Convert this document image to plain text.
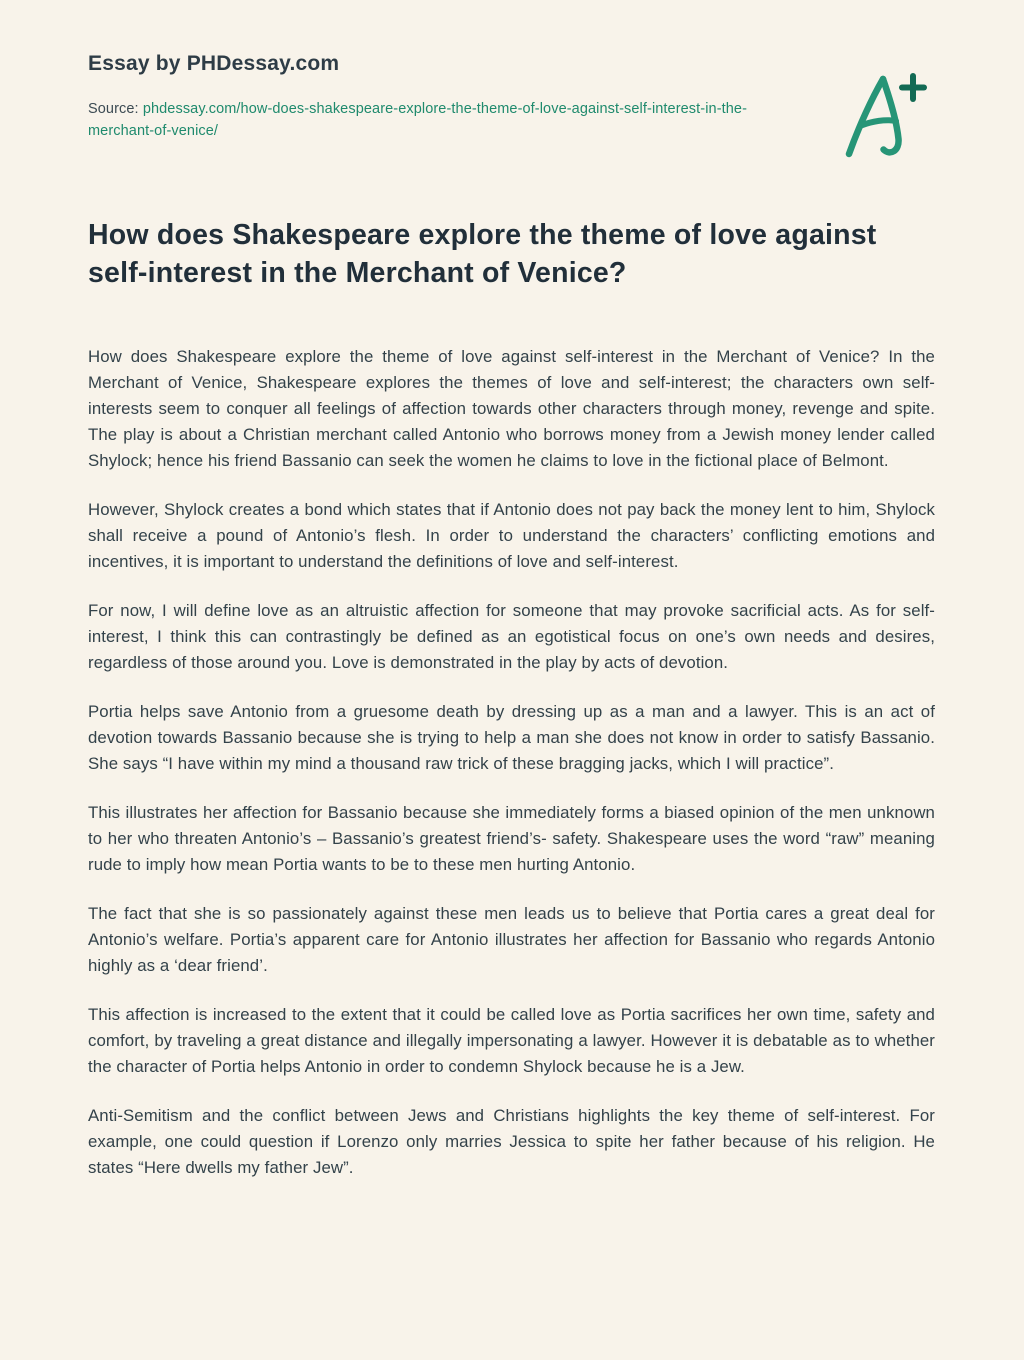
Essay by PHDessay.com
Source: phdessay.com/how-does-shakespeare-explore-the-theme-of-love-against-self-interest-in-the-merchant-of-venice/
How does Shakespeare explore the theme of love against self-interest in the Merchant of Venice?

How does Shakespeare explore the theme of love against self-interest in the Merchant of Venice? In the Merchant of Venice, Shakespeare explores the themes of love and self-interest; the characters own self-interests seem to conquer all feelings of affection towards other characters through money, revenge and spite. The play is about a Christian merchant called Antonio who borrows money from a Jewish money lender called Shylock; hence his friend Bassanio can seek the women he claims to love in the fictional place of Belmont.

However, Shylock creates a bond which states that if Antonio does not pay back the money lent to him, Shylock shall receive a pound of Antonio’s flesh. In order to understand the characters’ conflicting emotions and incentives, it is important to understand the definitions of love and self-interest.

For now, I will define love as an altruistic affection for someone that may provoke sacrificial acts. As for self-interest, I think this can contrastingly be defined as an egotistical focus on one’s own needs and desires, regardless of those around you. Love is demonstrated in the play by acts of devotion.

Portia helps save Antonio from a gruesome death by dressing up as a man and a lawyer. This is an act of devotion towards Bassanio because she is trying to help a man she does not know in order to satisfy Bassanio. She says “I have within my mind a thousand raw trick of these bragging jacks, which I will practice”.

This illustrates her affection for Bassanio because she immediately forms a biased opinion of the men unknown to her who threaten Antonio’s – Bassanio’s greatest friend’s- safety. Shakespeare uses the word “raw” meaning rude to imply how mean Portia wants to be to these men hurting Antonio.

The fact that she is so passionately against these men leads us to believe that Portia cares a great deal for Antonio’s welfare. Portia’s apparent care for Antonio illustrates her affection for Bassanio who regards Antonio highly as a ‘dear friend’.

This affection is increased to the extent that it could be called love as Portia sacrifices her own time, safety and comfort, by traveling a great distance and illegally impersonating a lawyer. However it is debatable as to whether the character of Portia helps Antonio in order to condemn Shylock because he is a Jew.

Anti-Semitism and the conflict between Jews and Christians highlights the key theme of self-interest. For example, one could question if Lorenzo only marries Jessica to spite her father because of his religion. He states “Here dwells my father Jew”.
